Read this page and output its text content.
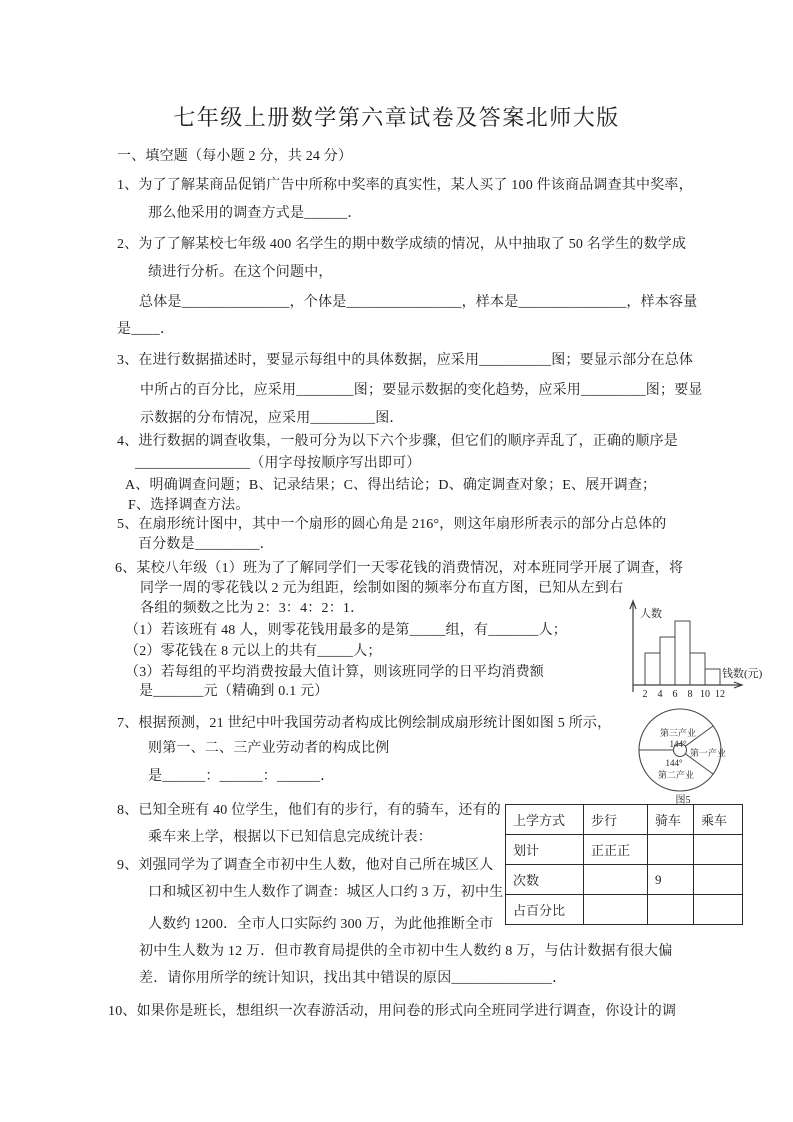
七年级上册数学第六章试卷及答案北师大版
一、填空题（每小题 2 分，共 24 分）
1、为了了解某商品促销广告中所称中奖率的真实性，某人买了 100 件该商品调查其中奖率，
那么他采用的调查方式是______．
2、为了了解某校七年级 400 名学生的期中数学成绩的情况，从中抽取了 50 名学生的数学成
绩进行分析。在这个问题中，
总体是_______________，个体是________________，样本是_______________，样本容量
是____．
3、在进行数据描述时，要显示每组中的具体数据，应采用__________图；要显示部分在总体
中所占的百分比，应采用________图；要显示数据的变化趋势，应采用_________图；要显
示数据的分布情况，应采用_________图．
4、进行数据的调查收集，一般可分为以下六个步骤，但它们的顺序弄乱了，正确的顺序是
________________（用字母按顺序写出即可）
A、明确调查问题；B、记录结果；C、得出结论；D、确定调查对象；E、展开调查；
F、选择调查方法。
5、在扇形统计图中，其中一个扇形的圆心角是 216°，则这年扇形所表示的部分占总体的
百分数是_________．
6、某校八年级（1）班为了了解同学们一天零花钱的消费情况，对本班同学开展了调查，将
同学一周的零花钱以 2 元为组距，绘制如图的频率分布直方图，已知从左到右
各组的频数之比为 2：3：4：2：1．
（1）若该班有 48 人，则零花钱用最多的是第_____组，有_______人；
（2）零花钱在 8 元以上的共有_____人；
（3）若每组的平均消费按最大值计算，则该班同学的日平均消费额
是_______元（精确到 0.1 元）
7、根据预测，21 世纪中叶我国劳动者构成比例绘制成扇形统计图如图 5 所示，
则第一、二、三产业劳动者的构成比例
是______：______：______．
8、已知全班有 40 位学生，他们有的步行，有的骑车，还有的
乘车来上学，根据以下已知信息完成统计表：
9、刘强同学为了调查全市初中生人数，他对自己所在城区人
口和城区初中生人数作了调查：城区人口约 3 万，初中生
人数约 1200．全市人口实际约 300 万，为此他推断全市
初中生人数为 12 万．但市教育局提供的全市初中生人数约 8 万，与估计数据有很大偏
差．请你用所学的统计知识，找出其中错误的原因______________．
10、如果你是班长，想组织一次春游活动，用问卷的形式向全班同学进行调查，你设计的调
人数
钱数(元)
2 4 6 8 10 12
第三产业
144°
第一产业
144°
第二产业
图5
上学方式	步行	骑车	乘车
划计	正正正		
次数		9	
占百分比			
